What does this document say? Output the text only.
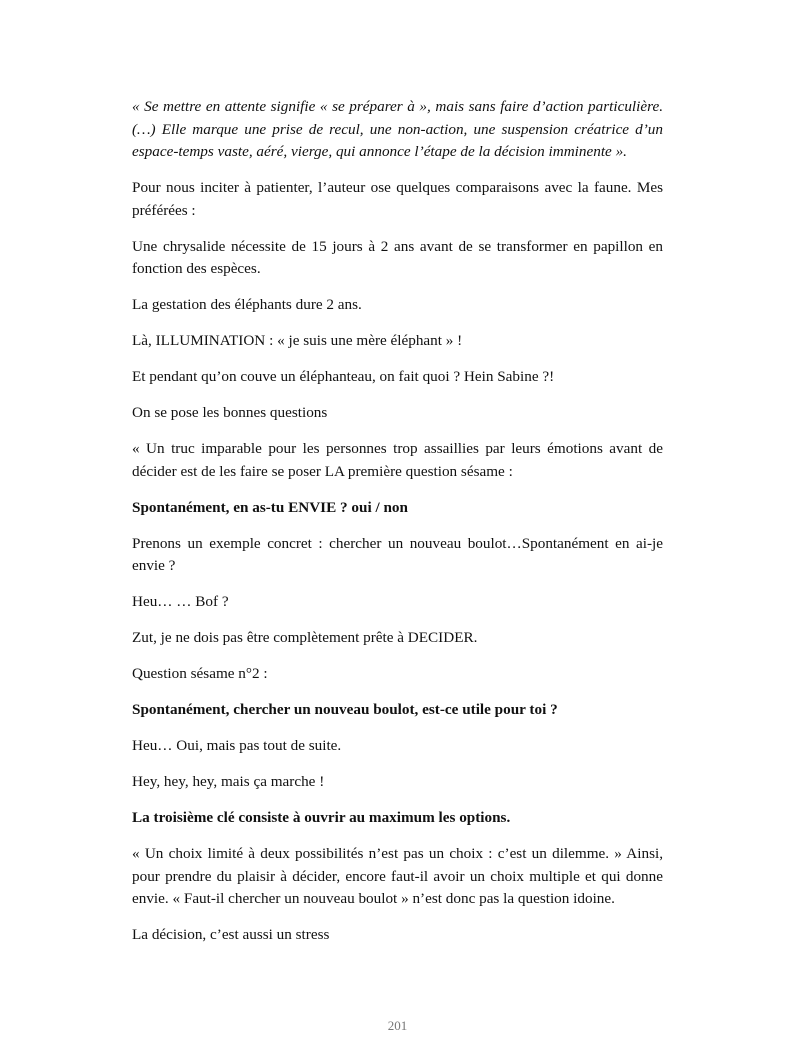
« Se mettre en attente signifie « se préparer à », mais sans faire d’action particulière. (…) Elle marque une prise de recul, une non-action, une suspension créatrice d’un espace-temps vaste, aéré, vierge, qui annonce l’étape de la décision imminente ».

Pour nous inciter à patienter, l’auteur ose quelques comparaisons avec la faune. Mes préférées :

Une chrysalide nécessite de 15 jours à 2 ans avant de se transformer en papillon en fonction des espèces.

La gestation des éléphants dure 2 ans.

Là, ILLUMINATION : « je suis une mère éléphant » !

Et pendant qu’on couve un éléphanteau, on fait quoi ? Hein Sabine ?!

On se pose les bonnes questions

« Un truc imparable pour les personnes trop assaillies par leurs émotions avant de décider est de les faire se poser LA première question sésame :

Spontanément, en as-tu ENVIE ? oui / non

Prenons un exemple concret : chercher un nouveau boulot…Spontanément en ai-je envie ?

Heu… … Bof ?

Zut, je ne dois pas être complètement prête à DECIDER.

Question sésame n°2 :

Spontanément, chercher un nouveau boulot, est-ce utile pour toi ?

Heu… Oui, mais pas tout de suite.

Hey, hey, hey, mais ça marche !

La troisième clé consiste à ouvrir au maximum les options.

« Un choix limité à deux possibilités n’est pas un choix : c’est un dilemme. » Ainsi, pour prendre du plaisir à décider, encore faut-il avoir un choix multiple et qui donne envie. « Faut-il chercher un nouveau boulot » n’est donc pas la question idoine.

La décision, c’est aussi un stress

201
